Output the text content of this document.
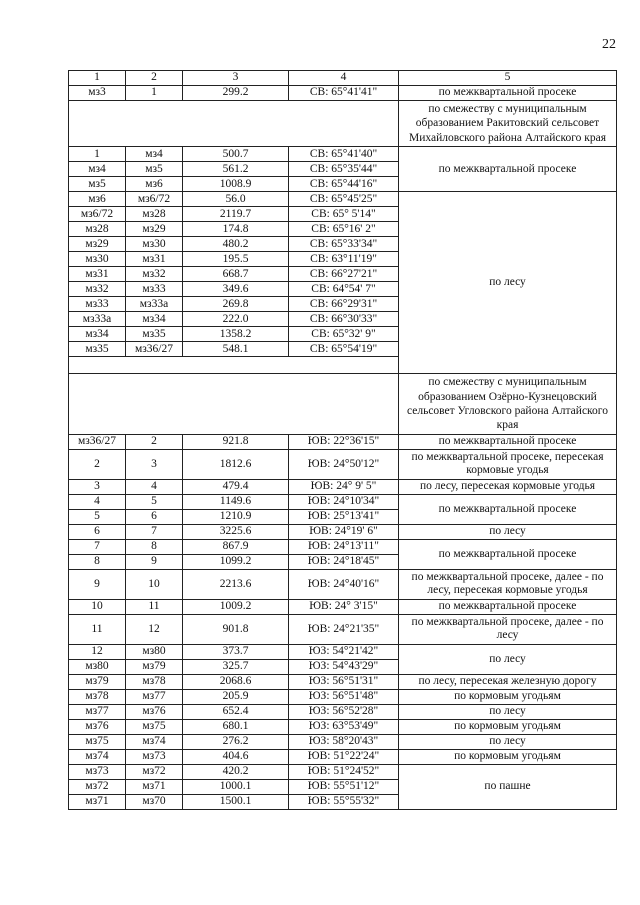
22
1	2	3	4	5	
мз3	1	299.2	СВ: 65°41'41"	по межквартальной просеке	
				по смежеству с муниципальным образованием Ракитовский сельсовет Михайловского района Алтайского края	
1	мз4	500.7	СВ: 65°41'40"	по межквартальной просеке	
мз4	мз5	561.2	СВ: 65°35'44"		
мз5	мз6	1008.9	СВ: 65°44'16"		
мз6	мз6/72	56.0	СВ: 65°45'25"	по лесу	
мз6/72	мз28	2119.7	СВ: 65° 5'14"		
мз28	мз29	174.8	СВ: 65°16' 2"		
мз29	мз30	480.2	СВ: 65°33'34"		
мз30	мз31	195.5	СВ: 63°11'19"		
мз31	мз32	668.7	СВ: 66°27'21"		
мз32	мз33	349.6	СВ: 64°54' 7"		
мз33	мз33а	269.8	СВ: 66°29'31"		
мз33а	мз34	222.0	СВ: 66°30'33"		
мз34	мз35	1358.2	СВ: 65°32' 9"		
мз35	мз36/27	548.1	СВ: 65°54'19"		

				по смежеству с муниципальным образованием Озёрно-Кузнецовский сельсовет Угловского района Алтайского края	
мз36/27	2	921.8	ЮВ: 22°36'15"	по межквартальной просеке	
2	3	1812.6	ЮВ: 24°50'12"	по межквартальной просеке, пересекая кормовые угодья	
3	4	479.4	ЮВ: 24° 9' 5"	по лесу, пересекая кормовые угодья	
4	5	1149.6	ЮВ: 24°10'34"	по межквартальной просеке	
5	6	1210.9	ЮВ: 25°13'41"		
6	7	3225.6	ЮВ: 24°19' 6"	по лесу	
7	8	867.9	ЮВ: 24°13'11"	по межквартальной просеке	
8	9	1099.2	ЮВ: 24°18'45"		
9	10	2213.6	ЮВ: 24°40'16"	по межквартальной просеке, далее - по лесу, пересекая кормовые угодья	
10	11	1009.2	ЮВ: 24° 3'15"	по межквартальной просеке	
11	12	901.8	ЮВ: 24°21'35"	по межквартальной просеке, далее - по лесу	
12	мз80	373.7	ЮЗ: 54°21'42"	по лесу	
мз80	мз79	325.7	ЮЗ: 54°43'29"		
мз79	мз78	2068.6	ЮЗ: 56°51'31"	по лесу, пересекая железную дорогу	
мз78	мз77	205.9	ЮЗ: 56°51'48"	по кормовым угодьям	
мз77	мз76	652.4	ЮЗ: 56°52'28"	по лесу	
мз76	мз75	680.1	ЮЗ: 63°53'49"	по кормовым угодьям	
мз75	мз74	276.2	ЮЗ: 58°20'43"	по лесу	
мз74	мз73	404.6	ЮВ: 51°22'24"	по кормовым угодьям	
мз73	мз72	420.2	ЮВ: 51°24'52"	по пашне	
мз72	мз71	1000.1	ЮВ: 55°51'12"		
мз71	мз70	1500.1	ЮВ: 55°55'32"		
